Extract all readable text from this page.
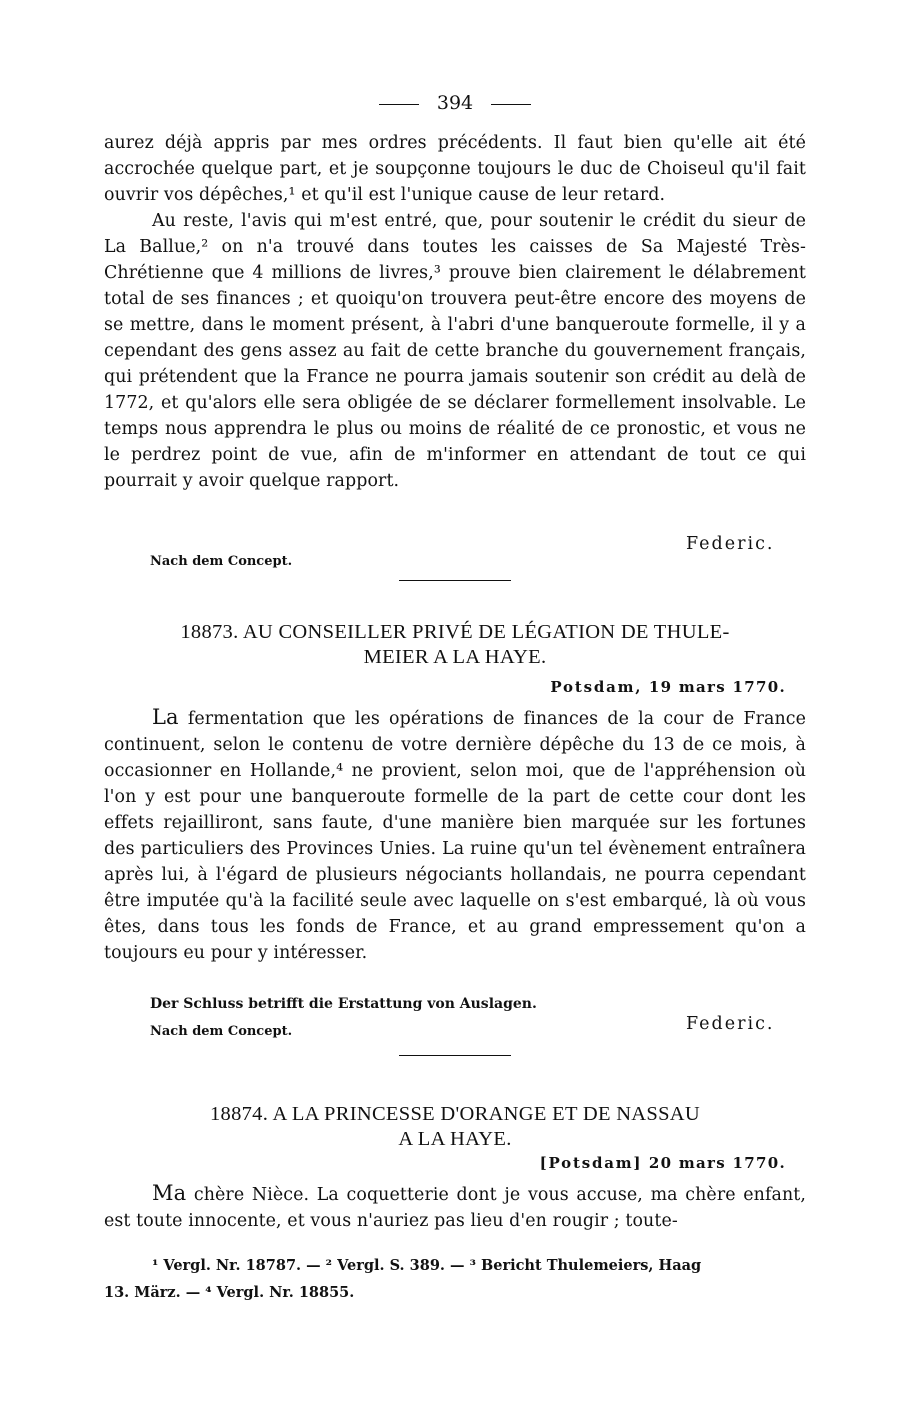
394

aurez déjà appris par mes ordres précédents. Il faut bien qu'elle ait été accrochée quelque part, et je soupçonne toujours le duc de Choiseul qu'il fait ouvrir vos dépêches,¹ et qu'il est l'unique cause de leur retard.

Au reste, l'avis qui m'est entré, que, pour soutenir le crédit du sieur de La Ballue,² on n'a trouvé dans toutes les caisses de Sa Majesté Très-Chrétienne que 4 millions de livres,³ prouve bien clairement le délabrement total de ses finances ; et quoiqu'on trouvera peut-être encore des moyens de se mettre, dans le moment présent, à l'abri d'une banqueroute formelle, il y a cependant des gens assez au fait de cette branche du gouvernement français, qui prétendent que la France ne pourra jamais soutenir son crédit au delà de 1772, et qu'alors elle sera obligée de se déclarer formellement insolvable. Le temps nous apprendra le plus ou moins de réalité de ce pronostic, et vous ne le perdrez point de vue, afin de m'informer en attendant de tout ce qui pourrait y avoir quelque rapport.

Federic.
Nach dem Concept.
18873. AU CONSEILLER PRIVÉ DE LÉGATION DE THULE-
MEIER A LA HAYE.
Potsdam, 19 mars 1770.

La fermentation que les opérations de finances de la cour de France continuent, selon le contenu de votre dernière dépêche du 13 de ce mois, à occasionner en Hollande,⁴ ne provient, selon moi, que de l'appréhension où l'on y est pour une banqueroute formelle de la part de cette cour dont les effets rejailliront, sans faute, d'une manière bien marquée sur les fortunes des particuliers des Provinces Unies. La ruine qu'un tel évènement entraînera après lui, à l'égard de plusieurs négociants hollandais, ne pourra cependant être imputée qu'à la facilité seule avec laquelle on s'est embarqué, là où vous êtes, dans tous les fonds de France, et au grand empressement qu'on a toujours eu pour y intéresser.

Der Schluss betrifft die Erstattung von Auslagen.
Nach dem Concept.	Federic.
18874. A LA PRINCESSE D'ORANGE ET DE NASSAU
A LA HAYE.
[Potsdam] 20 mars 1770.

Ma chère Nièce. La coquetterie dont je vous accuse, ma chère enfant, est toute innocente, et vous n'auriez pas lieu d'en rougir ; toute-

¹ Vergl. Nr. 18787. — ² Vergl. S. 389. — ³ Bericht Thulemeiers, Haag

13. März. — ⁴ Vergl. Nr. 18855.
